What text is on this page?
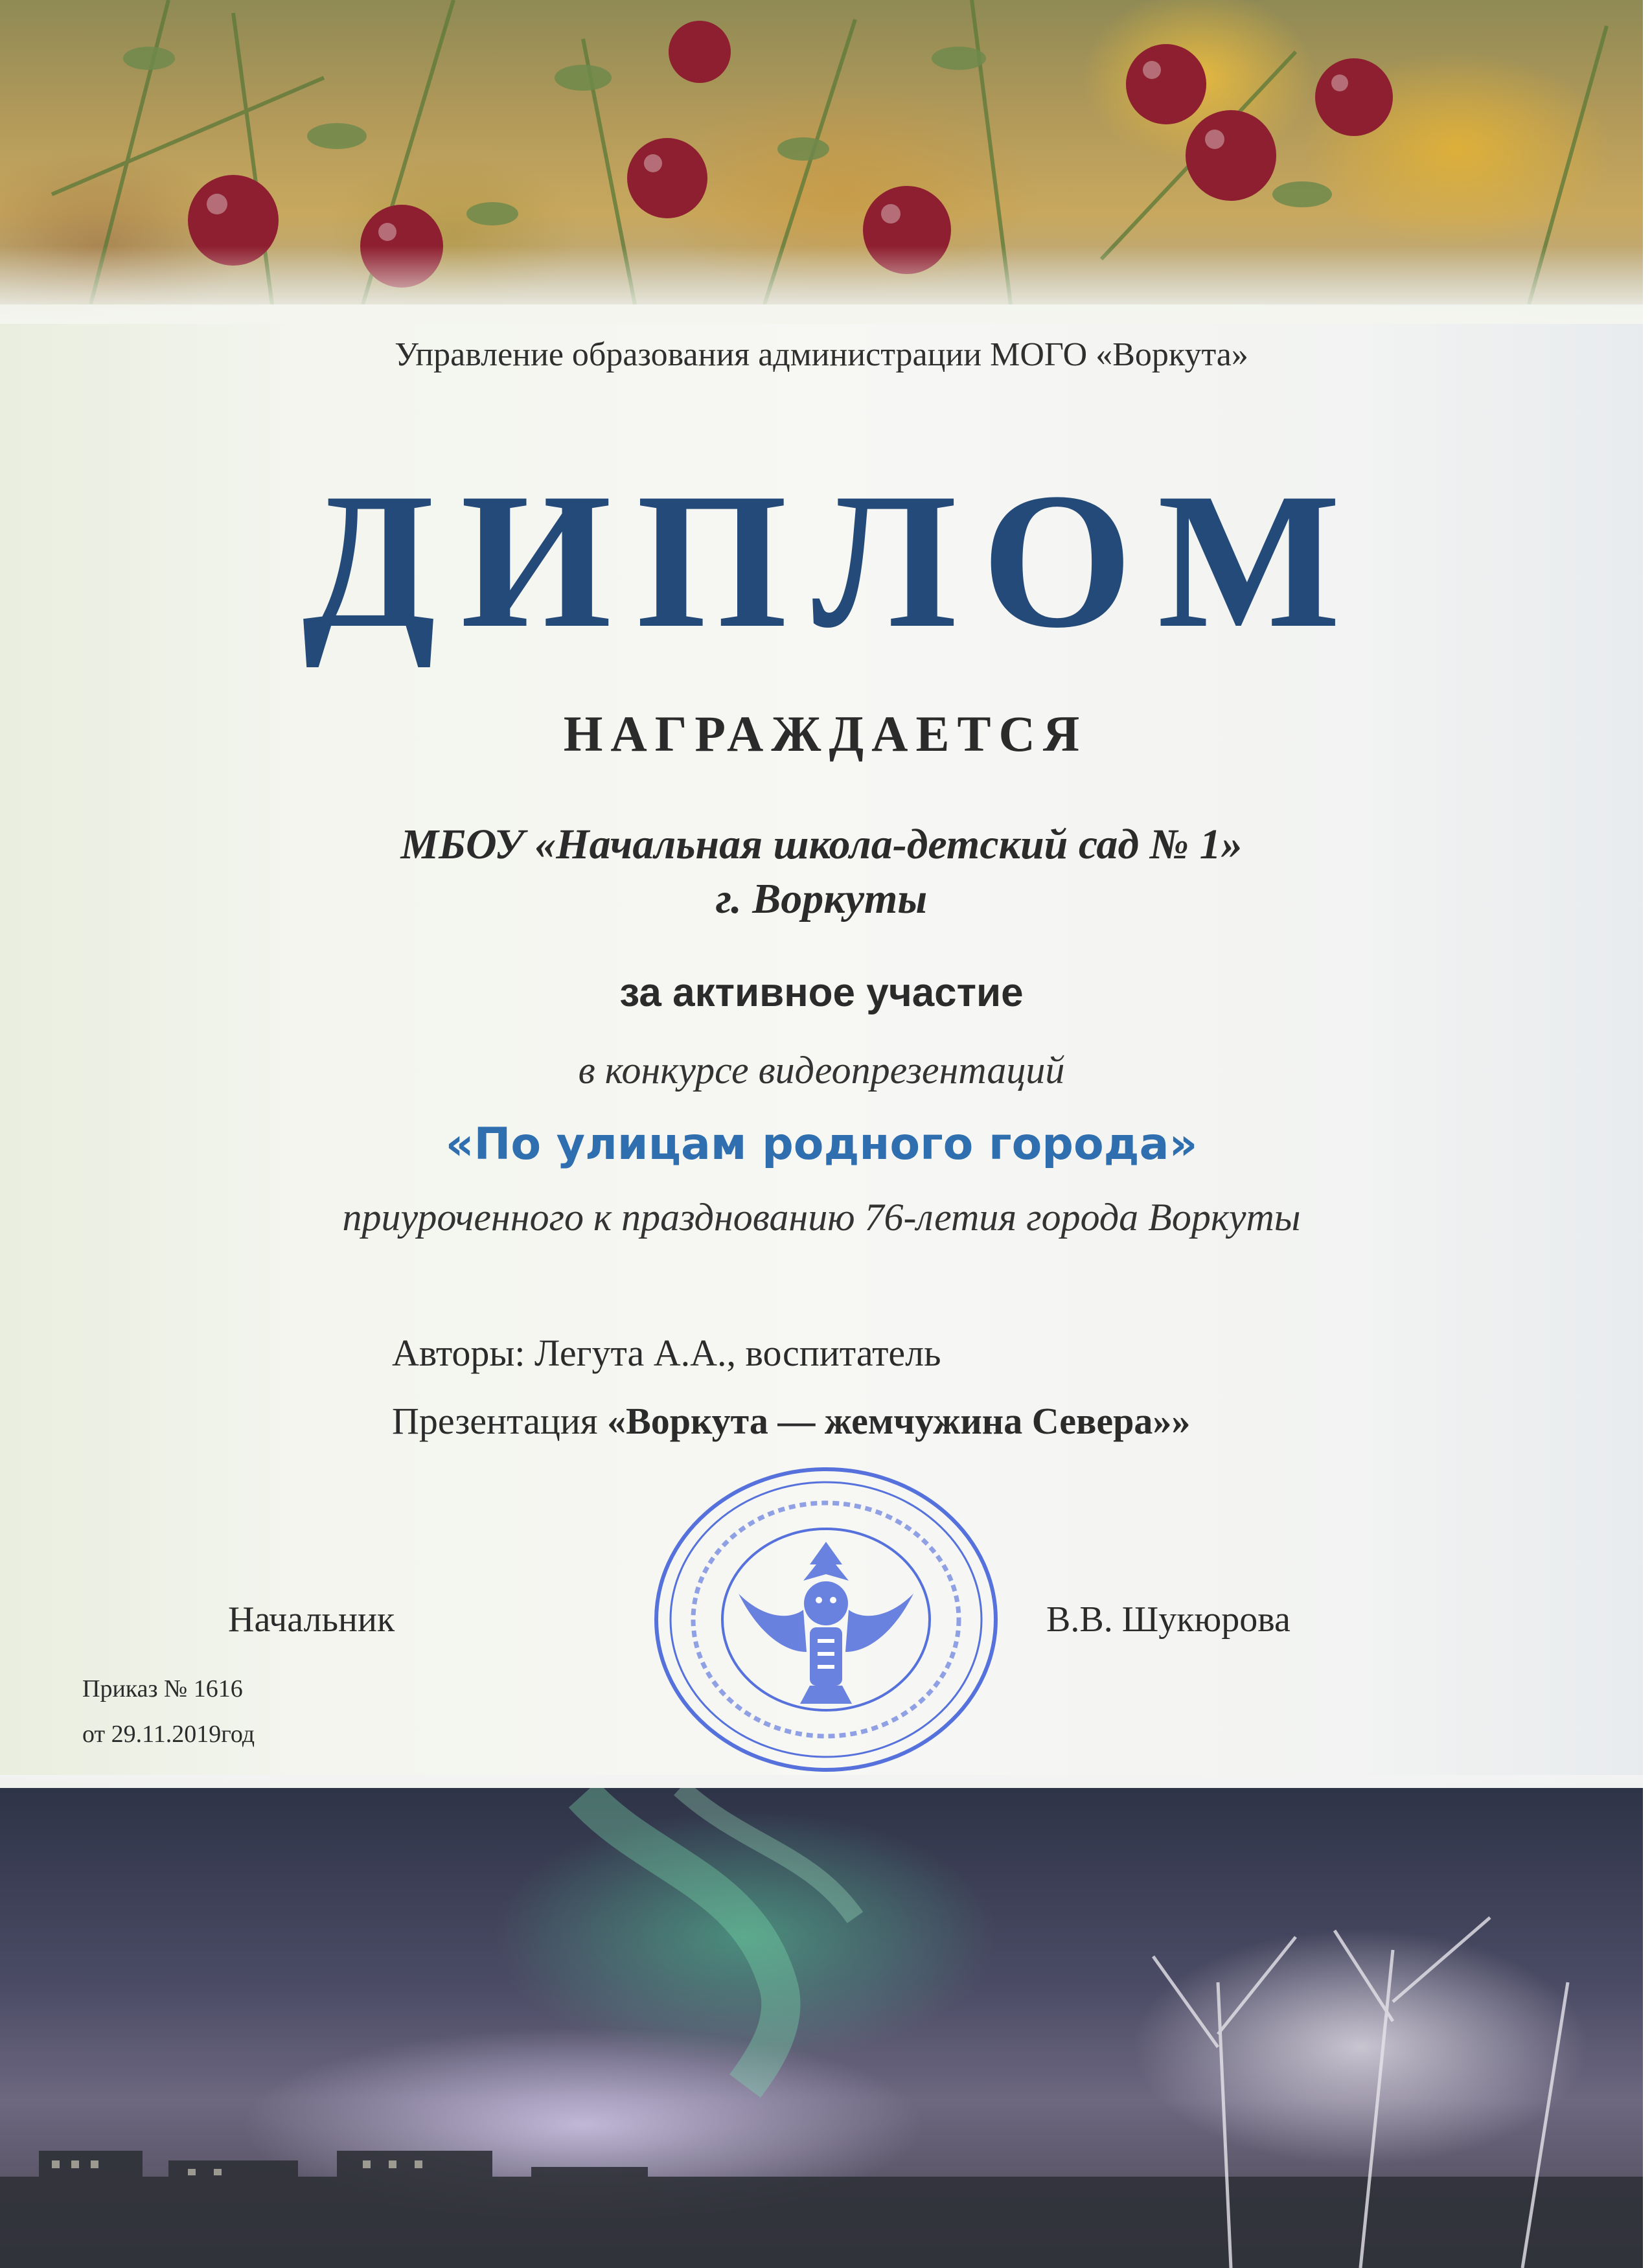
Управление образования администрации МОГО «Воркута»
ДИПЛОМ
НАГРАЖДАЕТСЯ
МБОУ «Начальная школа-детский сад № 1»
г. Воркуты
за активное участие
в конкурсе видеопрезентаций
«По улицам родного города»
приуроченного к празднованию 76-летия города Воркуты
Авторы: Легута А.А., воспитатель
Презентация «Воркута — жемчужина Севера»»
Начальник	В.В. Шукюрова
Приказ № 1616
от 29.11.2019год
